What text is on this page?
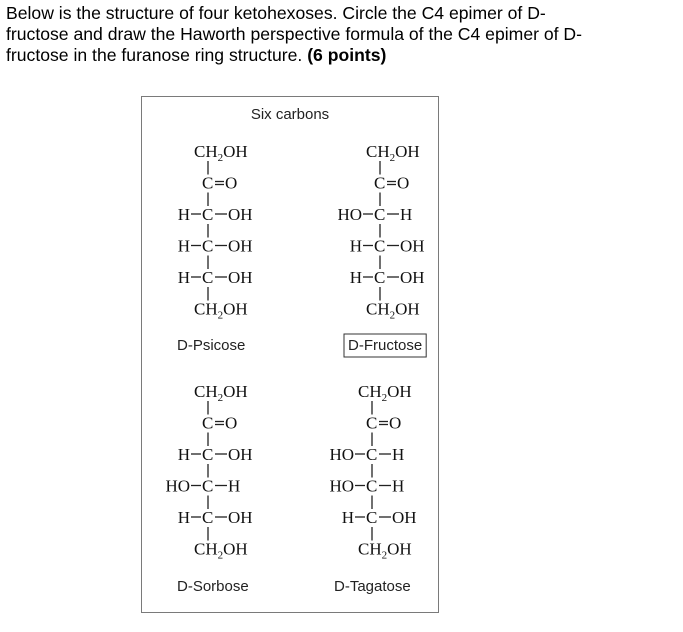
Below is the structure of four ketohexoses. Circle the C4 epimer of D-
fructose and draw the Haworth perspective formula of the C4 epimer of D-
fructose in the furanose ring structure. (6 points)
Six carbons
$CH_2OH$
C O
C
H OH
C
H OH
C
H OH
$CH_2OH$
D-Psicose
$CH_2OH$
C O
C
HO H
C
H OH
C
H OH
$CH_2OH$
D-Fructose
$CH_2OH$
C O
C
H OH
C
HO H
C
H OH
$CH_2OH$
D-Sorbose
$CH_2OH$
C O
C
HO H
C
HO H
C
H OH
$CH_2OH$
D-Tagatose
